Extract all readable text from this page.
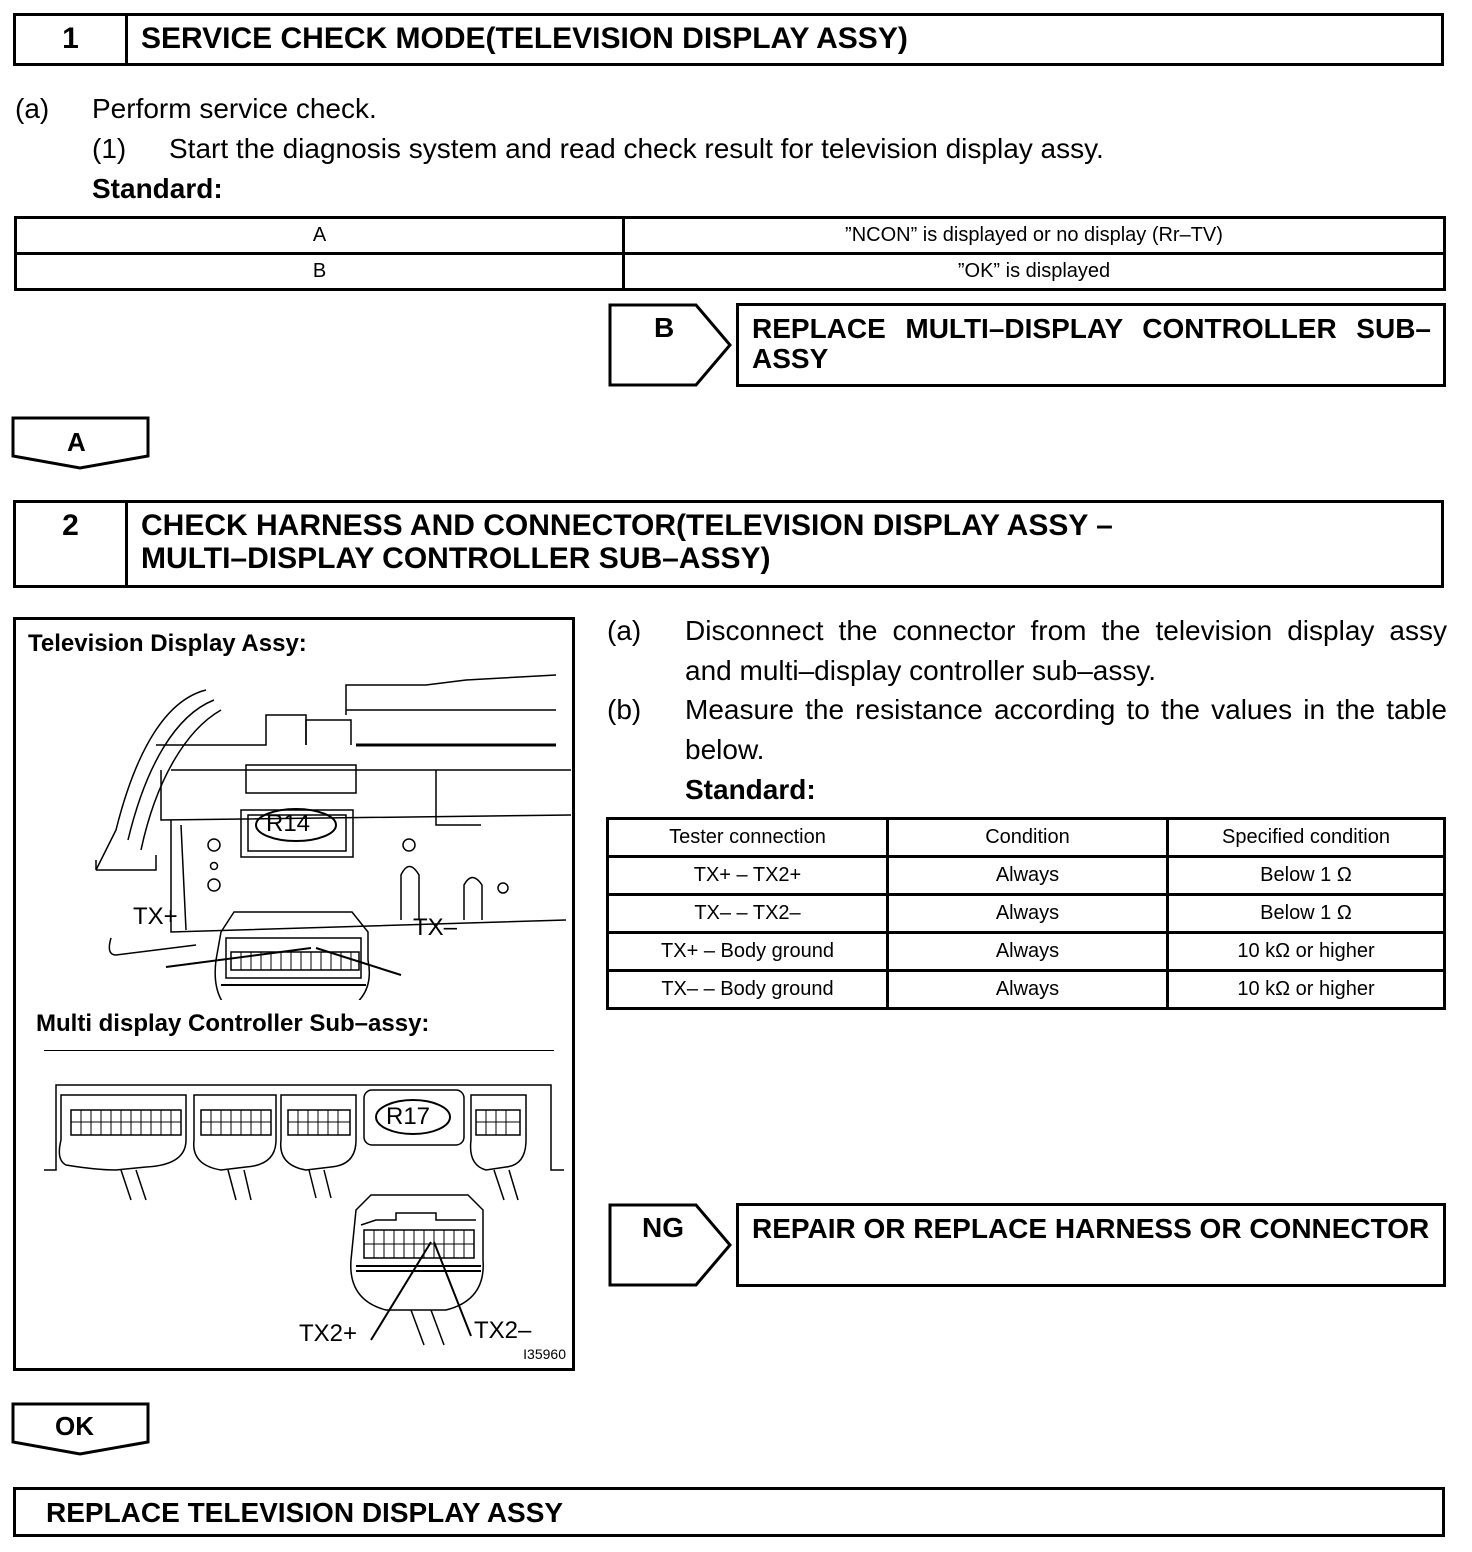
1	SERVICE CHECK MODE(TELEVISION DISPLAY ASSY)
(a) Perform service check.
(1) Start the diagnosis system and read check result for television display assy.
Standard:
A	”NCON” is displayed or no display (Rr–TV)
B	”OK” is displayed
B	REPLACE MULTI–DISPLAY CONTROLLER SUB–ASSY
A
2	CHECK HARNESS AND CONNECTOR(TELEVISION DISPLAY ASSY –
MULTI–DISPLAY CONTROLLER SUB–ASSY)
Television Display Assy:
R14
TX+	TX–
Multi display Controller Sub–assy:
R17
TX2+	TX2–
I35960
(a) Disconnect the connector from the television display assy and multi–display controller sub–assy.
(b) Measure the resistance according to the values in the table below.
Standard:
Tester connection	Condition	Specified condition
TX+ – TX2+	Always	Below 1 Ω
TX– – TX2–	Always	Below 1 Ω
TX+ – Body ground	Always	10 kΩ or higher
TX– – Body ground	Always	10 kΩ or higher
NG	REPAIR OR REPLACE HARNESS OR CONNECTOR
OK
REPLACE TELEVISION DISPLAY ASSY
